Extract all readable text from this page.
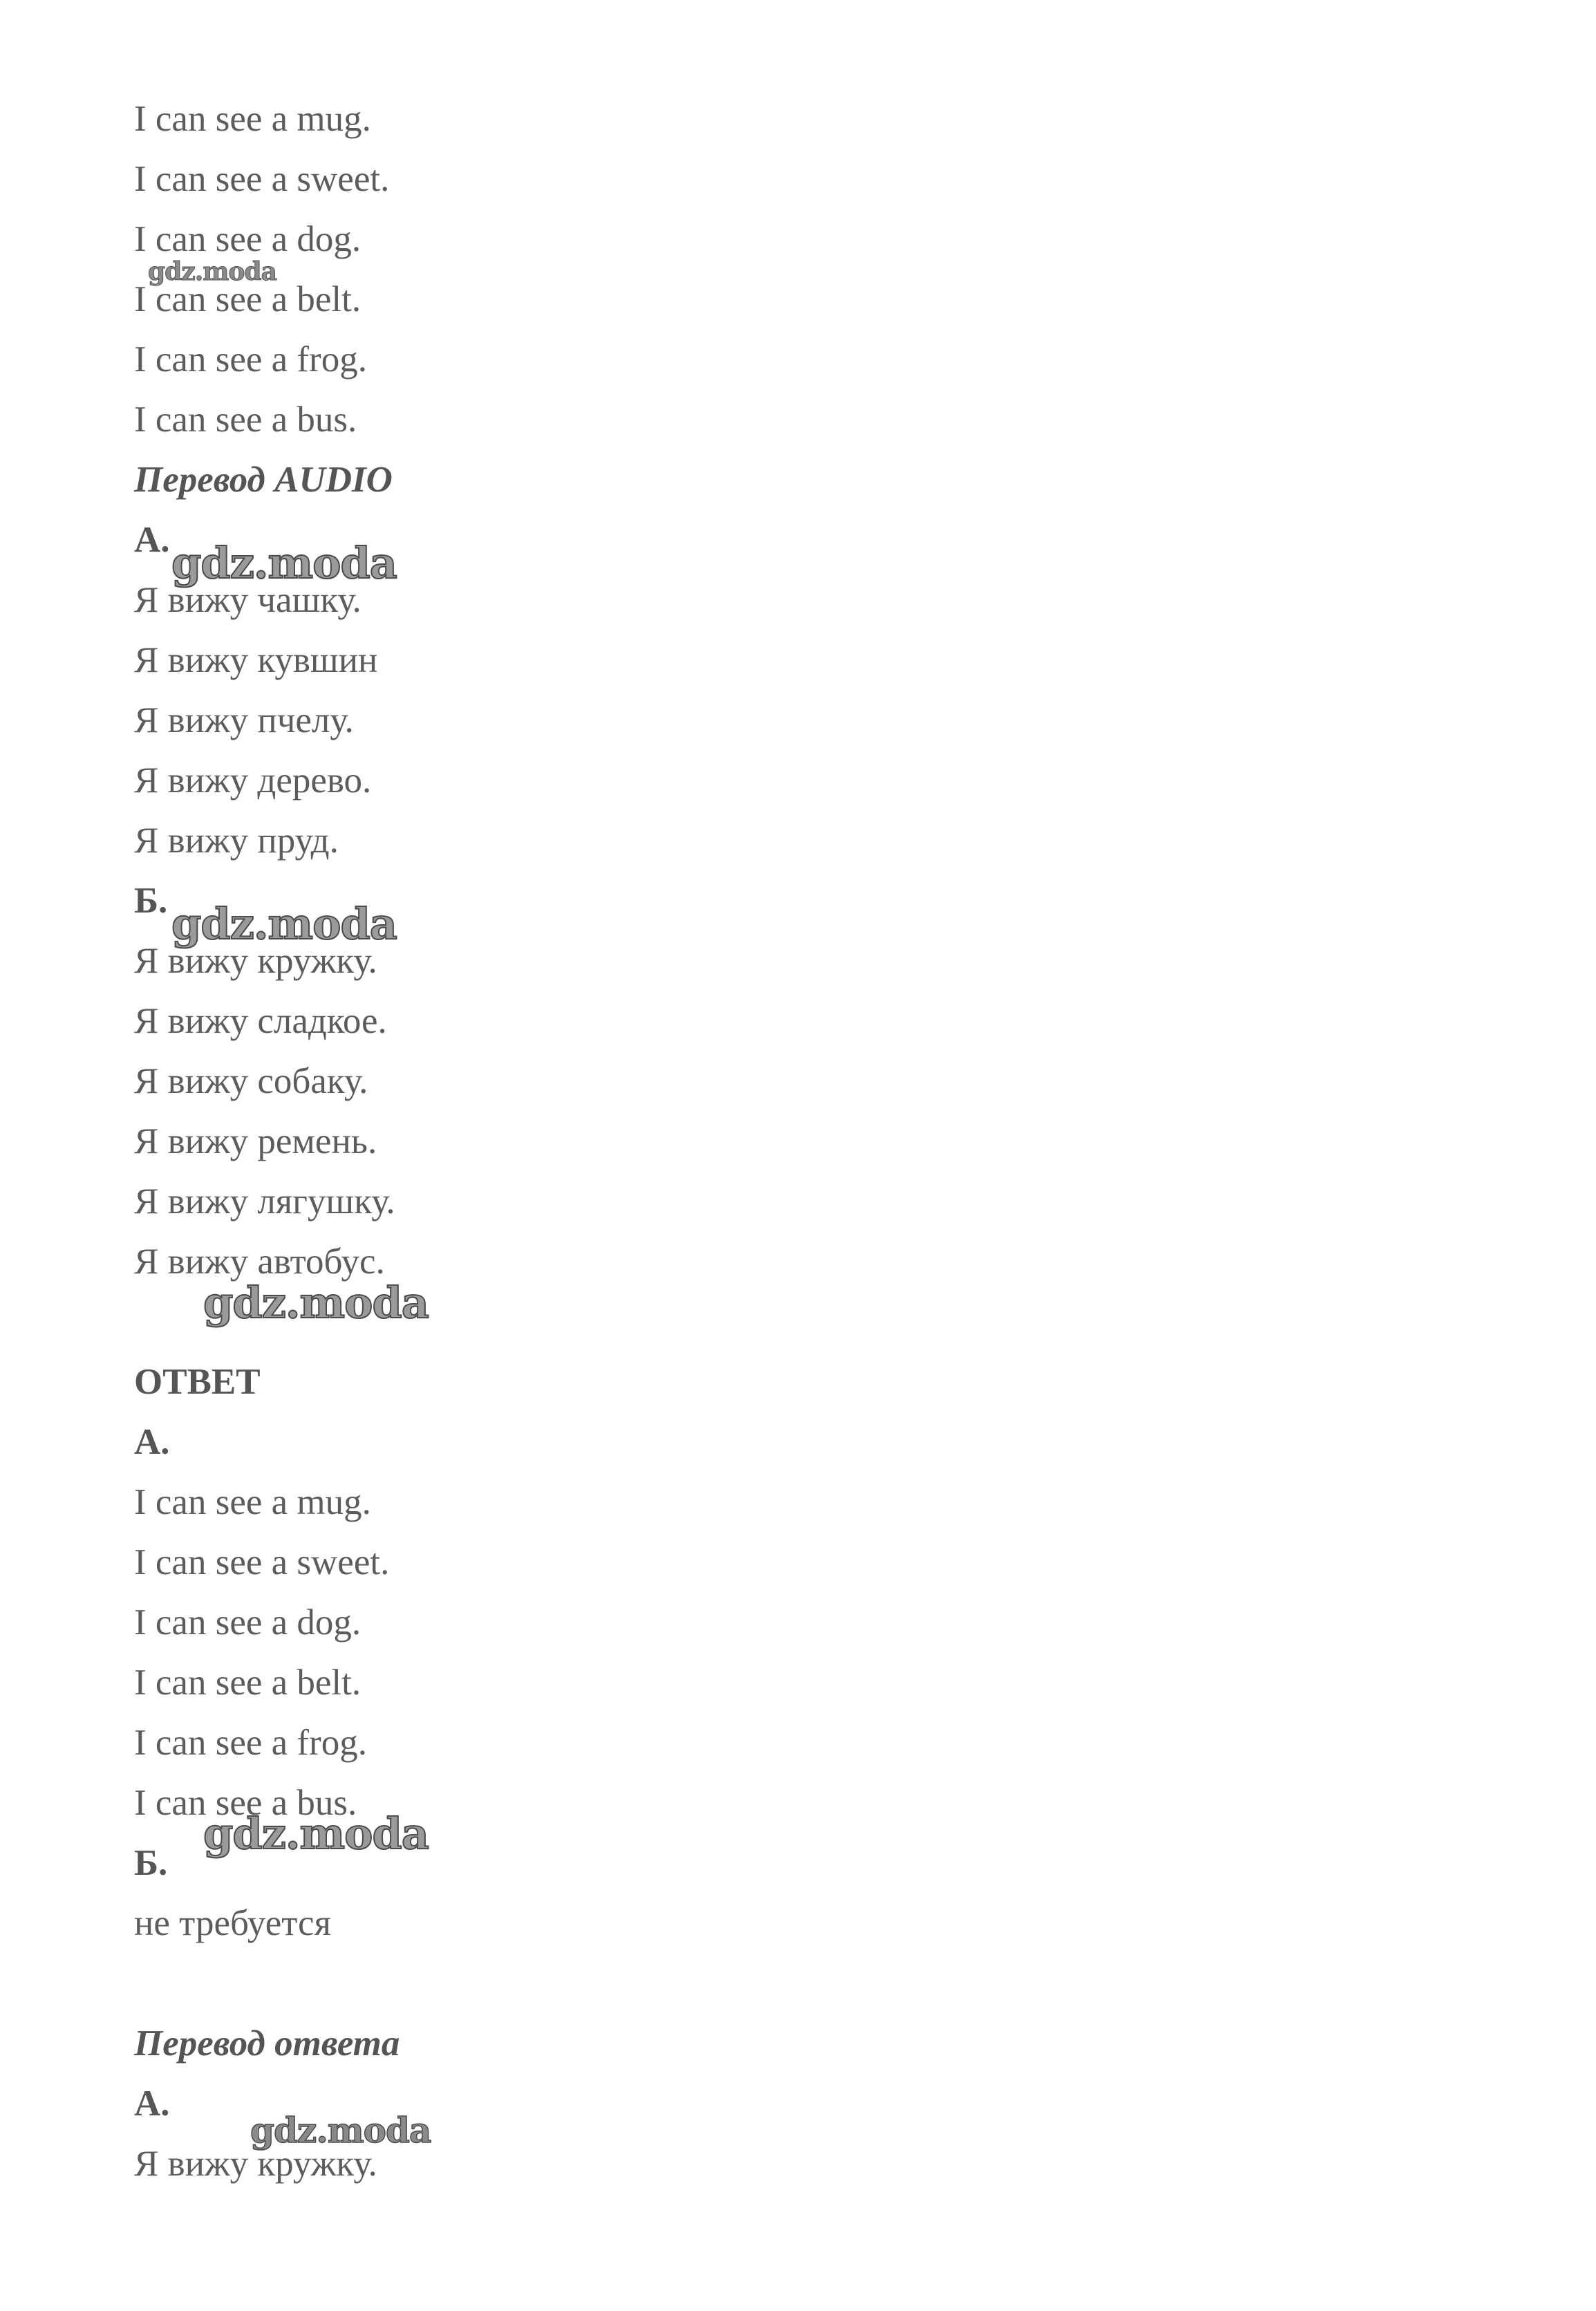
I can see a mug.
I can see a sweet.
I can see a dog.
I can see a belt.
I can see a frog.
I can see a bus.
Перевод AUDIO
А.
Я вижу чашку.
Я вижу кувшин
Я вижу пчелу.
Я вижу дерево.
Я вижу пруд.
Б.
Я вижу кружку.
Я вижу сладкое.
Я вижу собаку.
Я вижу ремень.
Я вижу лягушку.
Я вижу автобус.
ОТВЕТ
А.
I can see a mug.
I can see a sweet.
I can see a dog.
I can see a belt.
I can see a frog.
I can see a bus.
Б.
не требуется
Перевод ответа
А.
Я вижу кружку.
gdz.moda
gdz.moda
gdz.moda
gdz.moda
gdz.moda
gdz.moda
